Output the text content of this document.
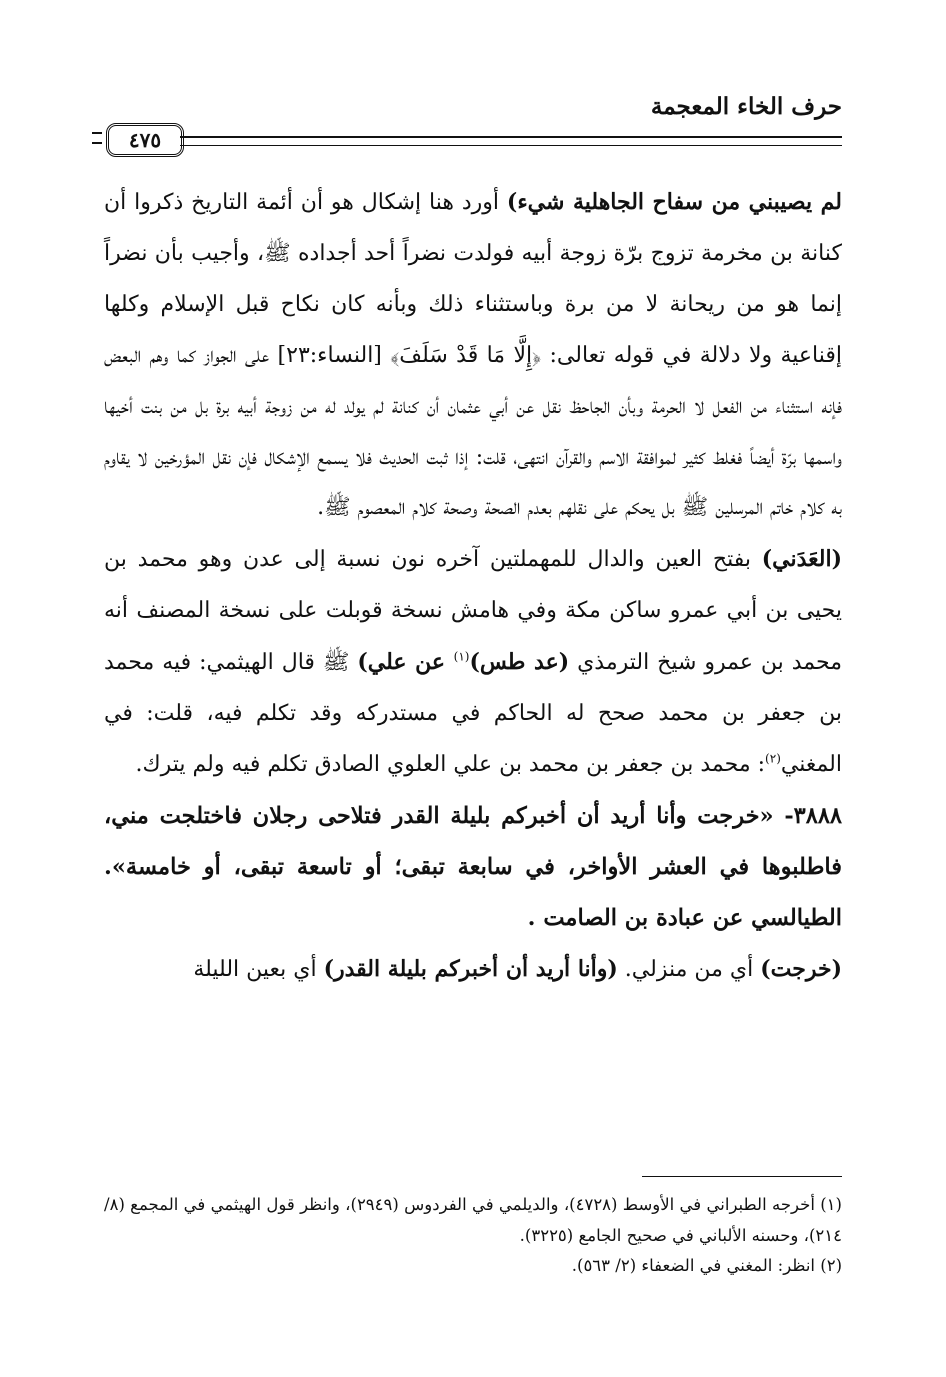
حرف الخاء المعجمة
٤٧٥

لم يصيبني من سفاح الجاهلية شيء) أورد هنا إشكال هو أن أئمة التاريخ ذكروا أن كنانة بن مخرمة تزوج برّة زوجة أبيه فولدت نضراً أحد أجداده ﷺ، وأجيب بأن نضراً إنما هو من ريحانة لا من برة وباستثناء ذلك وبأنه كان نكاح قبل الإسلام وكلها إقناعية ولا دلالة في قوله تعالى: ﴿إِلَّا مَا قَدْ سَلَفَ﴾ [النساء:٢٣] على الجواز كما وهم البعض فإنه استثناء من الفعل لا الحرمة وبأن الجاحظ نقل عن أبي عثمان أن كنانة لم يولد له من زوجة أبيه برة بل من بنت أخيها واسمها برّة أيضاً فغلط كثير لموافقة الاسم والقرآن انتهى، قلت: إذا ثبت الحديث فلا يسمع الإشكال فإن نقل المؤرخين لا يقاوم به كلام خاتم المرسلين ﷺ بل يحكم على نقلهم بعدم الصحة وصحة كلام المعصوم ﷺ.

(العَدَني) بفتح العين والدال للمهملتين آخره نون نسبة إلى عدن وهو محمد بن يحيى بن أبي عمرو ساكن مكة وفي هامش نسخة قوبلت على نسخة المصنف أنه محمد بن عمرو شيخ الترمذي (عد طس)$^{(١)}$ عن علي) ﷺ قال الهيثمي: فيه محمد بن جعفر بن محمد صحح له الحاكم في مستدركه وقد تكلم فيه، قلت: في المغني$^{(٢)}$: محمد بن جعفر بن محمد بن علي العلوي الصادق تكلم فيه ولم يترك.

٣٨٨٨- «خرجت وأنا أريد أن أخبركم بليلة القدر فتلاحى رجلان فاختلجت مني، فاطلبوها في العشر الأواخر، في سابعة تبقى؛ أو تاسعة تبقى، أو خامسة». الطيالسي عن عبادة بن الصامت .

(خرجت) أي من منزلي. (وأنا أريد أن أخبركم بليلة القدر) أي بعين الليلة

(١) أخرجه الطبراني في الأوسط (٤٧٢٨)، والديلمي في الفردوس (٢٩٤٩)، وانظر قول الهيثمي في المجمع (٨/ ٢١٤)، وحسنه الألباني في صحيح الجامع (٣٢٢٥).

(٢) انظر: المغني في الضعفاء (٢/ ٥٦٣).
